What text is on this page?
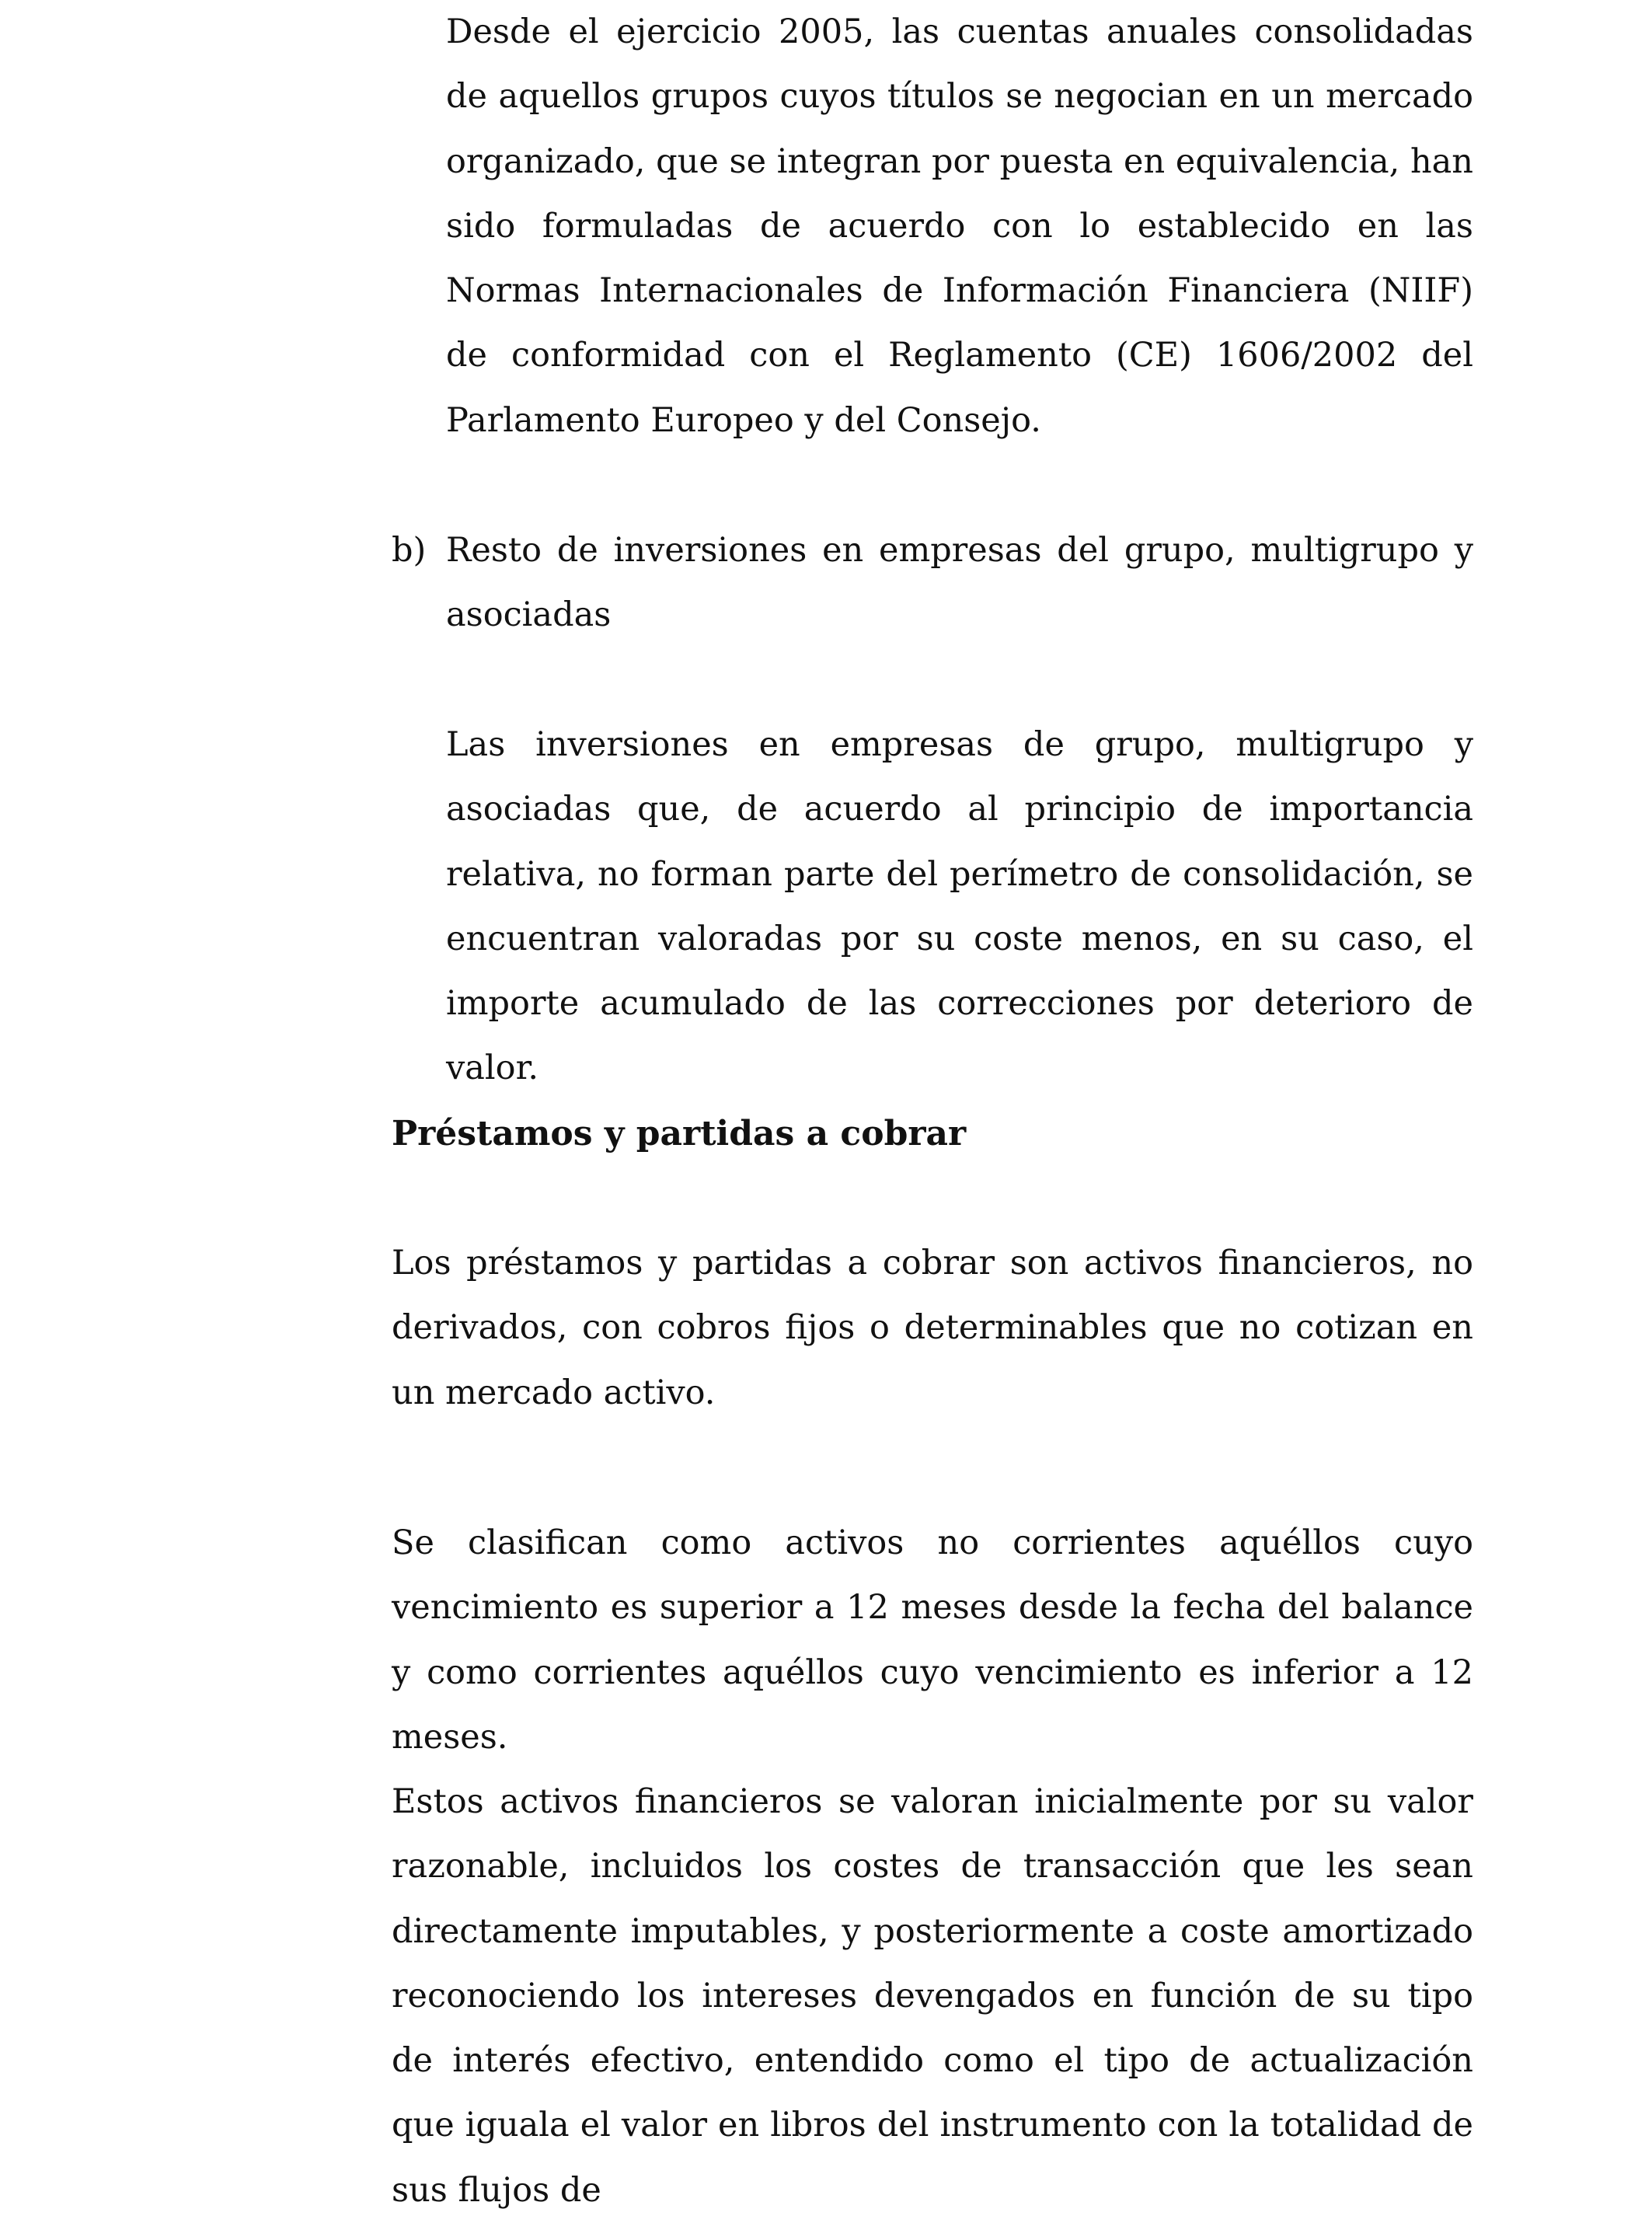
Desde el ejercicio 2005, las cuentas anuales consolidadas de aquellos grupos cuyos títulos se negocian en un mercado organizado, que se integran por puesta en equivalencia, han sido formuladas de acuerdo con lo establecido en las Normas Internacionales de Información Financiera (NIIF) de conformidad con el Reglamento (CE) 1606/2002 del Parlamento Europeo y del Consejo.

b) Resto de inversiones en empresas del grupo, multigrupo y asociadas

Las inversiones en empresas de grupo, multigrupo y asociadas que, de acuerdo al principio de importancia relativa, no forman parte del perímetro de consolidación, se encuentran valoradas por su coste menos, en su caso, el importe acumulado de las correcciones por deterioro de valor.

Préstamos y partidas a cobrar

Los préstamos y partidas a cobrar son activos financieros, no derivados, con cobros fijos o determinables que no cotizan en un mercado activo.

Se clasifican como activos no corrientes aquéllos cuyo vencimiento es superior a 12 meses desde la fecha del balance y como corrientes aquéllos cuyo vencimiento es inferior a 12 meses.

Estos activos financieros se valoran inicialmente por su valor razonable, incluidos los costes de transacción que les sean directamente imputables, y posteriormente a coste amortizado reconociendo los intereses devengados en función de su tipo de interés efectivo, entendido como el tipo de actualización que iguala el valor en libros del instrumento con la totalidad de sus flujos de
